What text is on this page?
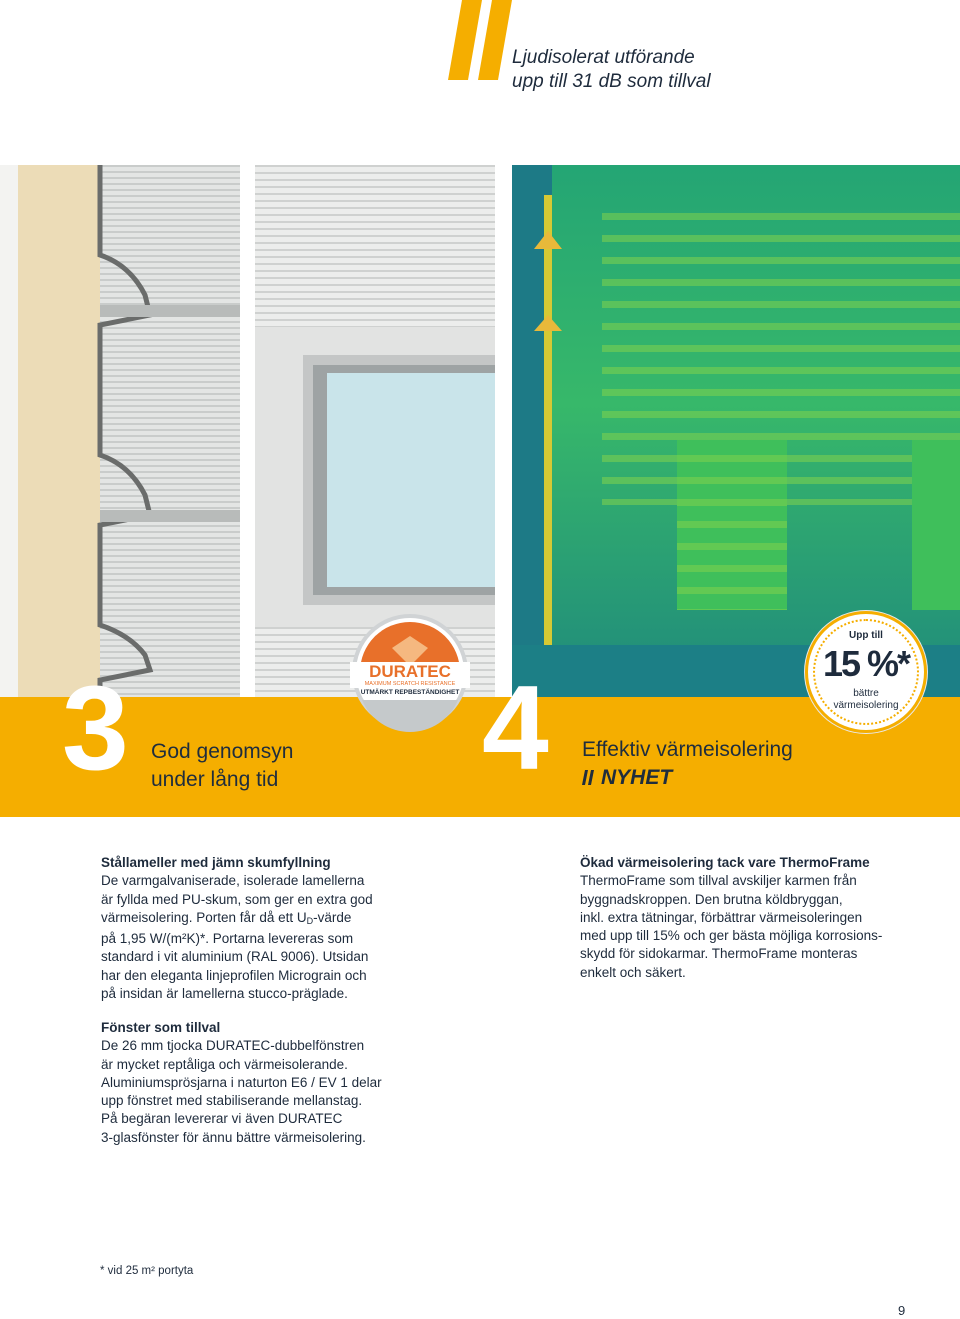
Ljudisolerat utförande
upp till 31 dB som tillval
3 God genomsyn
under lång tid 4 Effektiv värmeisolering
NYHET
Upp till
15 %*
bättre
värmeisolering
DURATEC
MAXIMUM SCRATCH RESISTANCE
UTMÄRKT REPBESTÄNDIGHET
Stållameller med jämn skumfyllning
De varmgalvaniserade, isolerade lamellerna
är fyllda med PU-skum, som ger en extra god
värmeisolering. Porten får då ett $U_D$-värde
på 1,95 W/(m²K)*. Portarna levereras som
standard i vit aluminium (RAL 9006). Utsidan
har den eleganta linjeprofilen Micrograin och
på insidan är lamellerna stucco-präglade.
Fönster som tillval
De 26 mm tjocka DURATEC-dubbelfönstren
är mycket reptåliga och värmeisolerande.
Aluminiumsprösjarna i naturton E6 / EV 1 delar
upp fönstret med stabiliserande mellanstag.
På begäran levererar vi även DURATEC
3-glasfönster för ännu bättre värmeisolering.
Ökad värmeisolering tack vare ThermoFrame
ThermoFrame som tillval avskiljer karmen från
byggnadskroppen. Den brutna köldbryggan,
inkl. extra tätningar, förbättrar värmeisoleringen
med upp till 15% och ger bästa möjliga korrosions-
skydd för sidokarmar. ThermoFrame monteras
enkelt och säkert.
* vid 25 m² portyta
9
